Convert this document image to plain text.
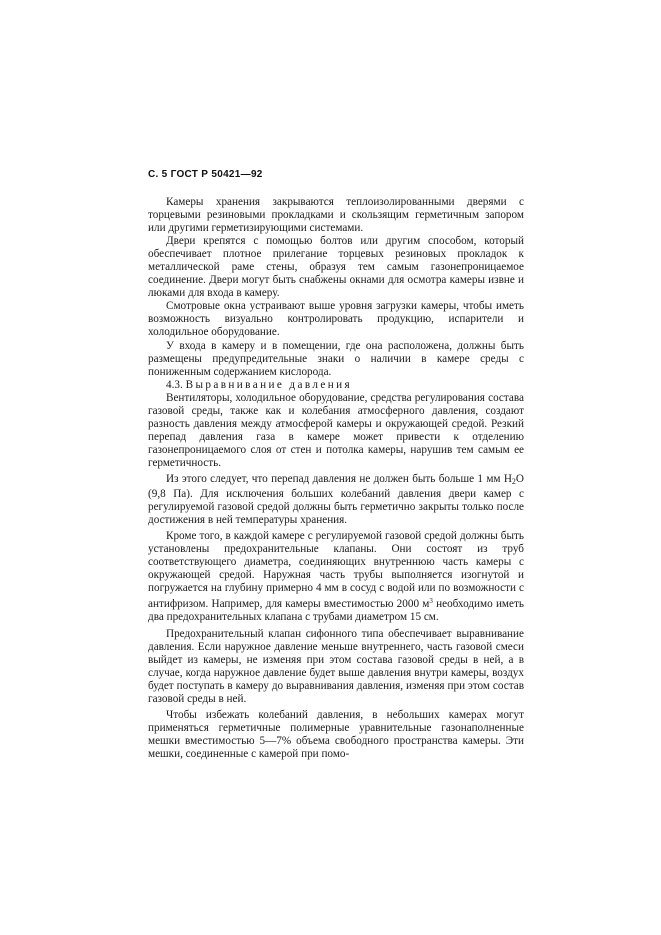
С. 5 ГОСТ Р 50421—92

Камеры хранения закрываются теплоизолированными дверями с торцевыми резиновыми прокладками и скользящим герметичным запором или другими герметизирующими системами.

Двери крепятся с помощью болтов или другим способом, который обеспечивает плотное прилегание торцевых резиновых прокладок к металлической раме стены, образуя тем самым газонепроницаемое соединение. Двери могут быть снабжены окнами для осмотра камеры извне и люками для входа в камеру.

Смотровые окна устраивают выше уровня загрузки камеры, чтобы иметь возможность визуально контролировать продукцию, испарители и холодильное оборудование.

У входа в камеру и в помещении, где она расположена, должны быть размещены предупредительные знаки о наличии в камере среды с пониженным содержанием кислорода.

4.3. Выравнивание давления

Вентиляторы, холодильное оборудование, средства регулирования состава газовой среды, также как и колебания атмосферного давления, создают разность давления между атмосферой камеры и окружающей средой. Резкий перепад давления газа в камере может привести к отделению газонепроницаемого слоя от стен и потолка камеры, нарушив тем самым ее герметичность.

Из этого следует, что перепад давления не должен быть больше 1 мм $Н_2О$ (9,8 Па). Для исключения больших колебаний давления двери камер с регулируемой газовой средой должны быть герметично закрыты только после достижения в ней температуры хранения.

Кроме того, в каждой камере с регулируемой газовой средой должны быть установлены предохранительные клапаны. Они состоят из труб соответствующего диаметра, соединяющих внутреннюю часть камеры с окружающей средой. Наружная часть трубы выполняется изогнутой и погружается на глубину примерно 4 мм в сосуд с водой или по возможности с антифризом. Например, для камеры вместимостью 2000 $м^3$ необходимо иметь два предохранительных клапана с трубами диаметром 15 см.

Предохранительный клапан сифонного типа обеспечивает выравнивание давления. Если наружное давление меньше внутреннего, часть газовой смеси выйдет из камеры, не изменяя при этом состава газовой среды в ней, а в случае, когда наружное давление будет выше давления внутри камеры, воздух будет поступать в камеру до выравнивания давления, изменяя при этом состав газовой среды в ней.

Чтобы избежать колебаний давления, в небольших камерах могут применяться герметичные полимерные уравнительные газонаполненные мешки вместимостью 5—7% объема свободного пространства камеры. Эти мешки, соединенные с камерой при помо-
